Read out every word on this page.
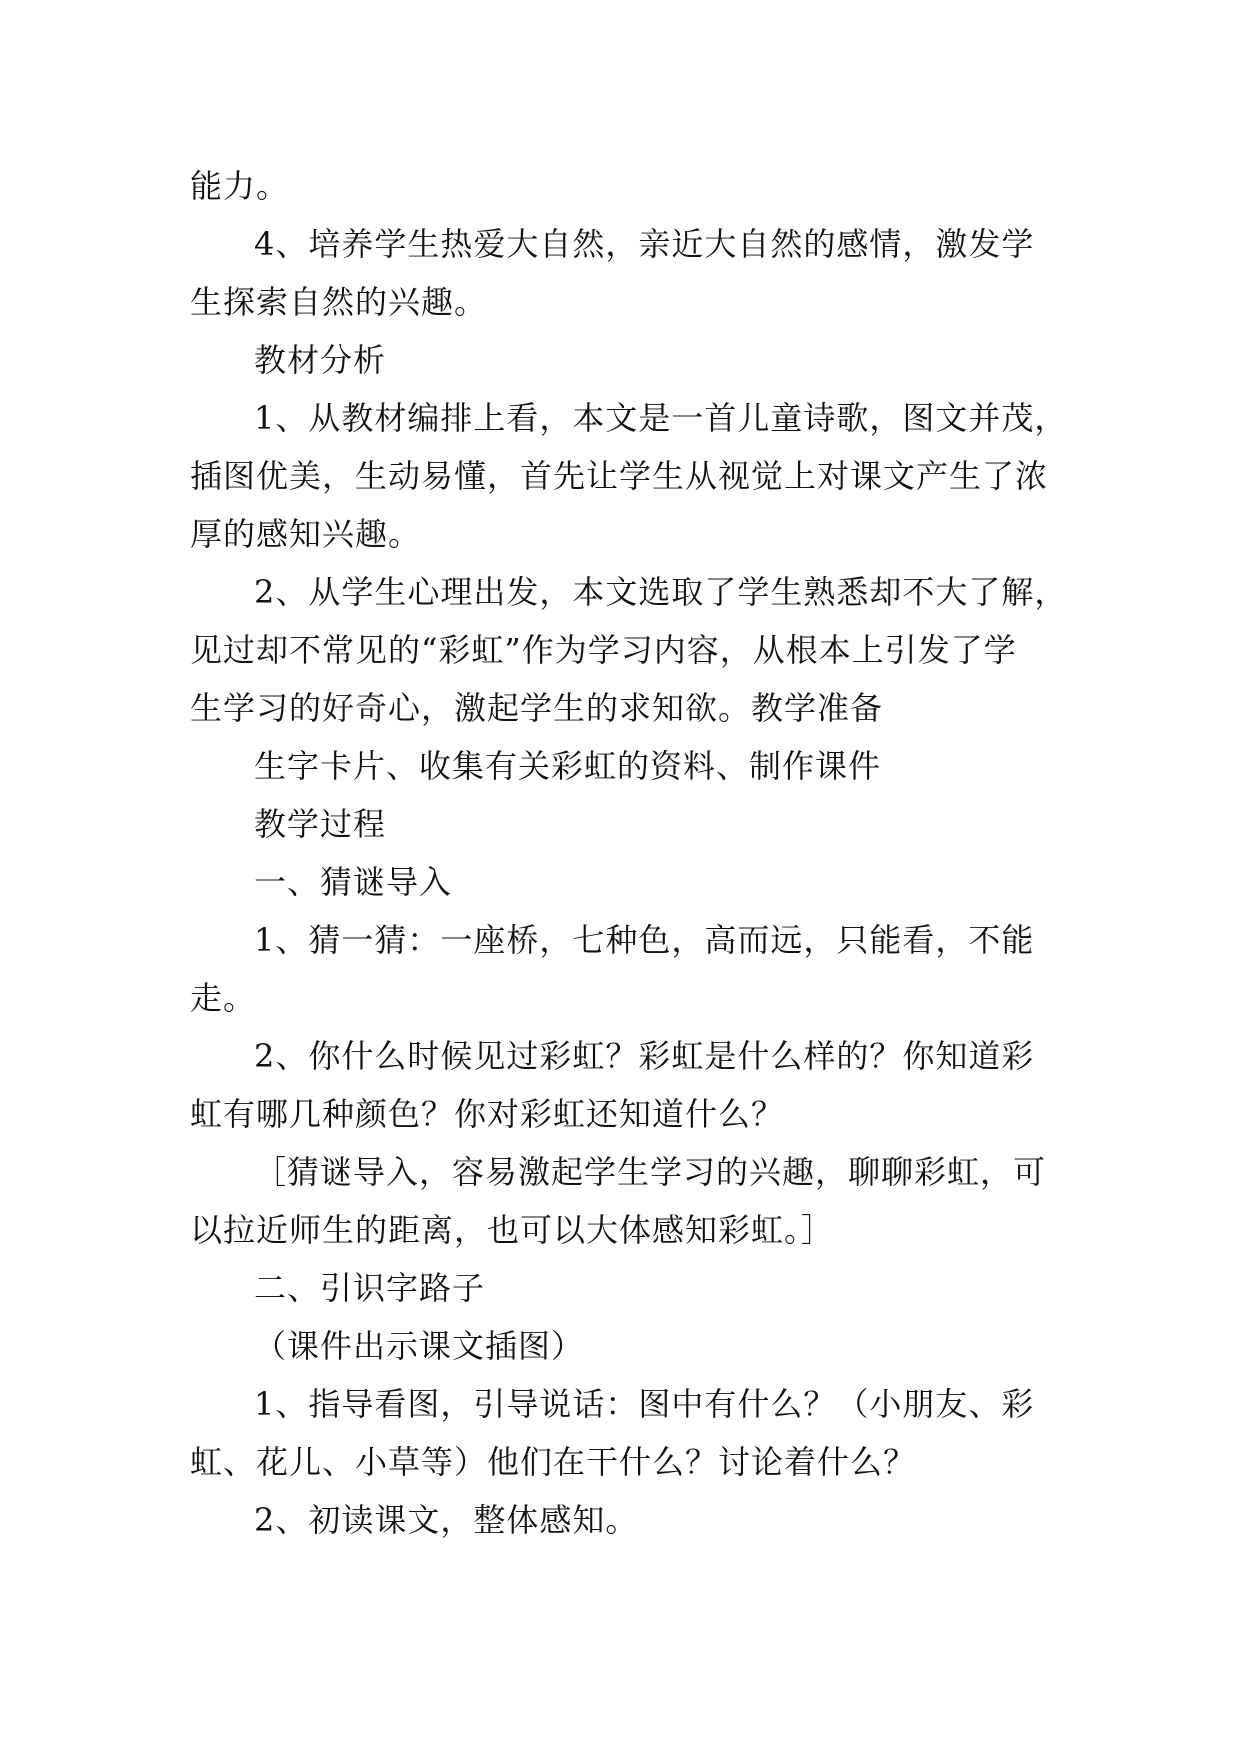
能力。
4、培养学生热爱大自然，亲近大自然的感情，激发学
生探索自然的兴趣。
教材分析
1、从教材编排上看，本文是一首儿童诗歌，图文并茂，
插图优美，生动易懂，首先让学生从视觉上对课文产生了浓
厚的感知兴趣。
2、从学生心理出发，本文选取了学生熟悉却不大了解，
见过却不常见的“彩虹”作为学习内容，从根本上引发了学
生学习的好奇心，激起学生的求知欲。教学准备
生字卡片、收集有关彩虹的资料、制作课件
教学过程
一、猜谜导入
1、猜一猜：一座桥，七种色，高而远，只能看，不能
走。
2、你什么时候见过彩虹？彩虹是什么样的？你知道彩
虹有哪几种颜色？你对彩虹还知道什么？
［猜谜导入，容易激起学生学习的兴趣，聊聊彩虹，可
以拉近师生的距离，也可以大体感知彩虹。］
二、引识字路子
（课件出示课文插图）
1、指导看图，引导说话：图中有什么？（小朋友、彩
虹、花儿、小草等）他们在干什么？讨论着什么？
2、初读课文，整体感知。
